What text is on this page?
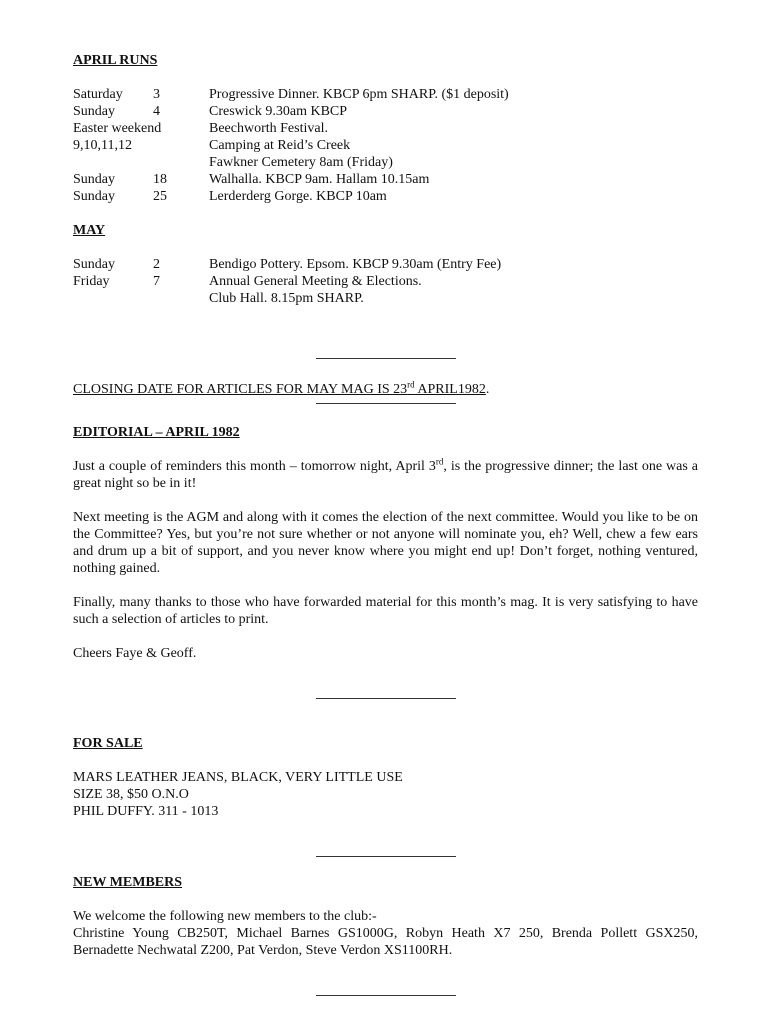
APRIL RUNS
Saturday	3	Progressive Dinner. KBCP 6pm SHARP. ($1 deposit)
Sunday	4	Creswick 9.30am KBCP
Easter weekend	Beechworth Festival.
9,10,11,12	Camping at Reid’s Creek
Fawkner Cemetery 8am (Friday)
Sunday	18	Walhalla. KBCP 9am. Hallam 10.15am
Sunday	25	Lerderderg Gorge. KBCP 10am
MAY
Sunday	2	Bendigo Pottery. Epsom. KBCP 9.30am (Entry Fee)
Friday	7	Annual General Meeting & Elections.
Club Hall. 8.15pm SHARP.
CLOSING DATE FOR ARTICLES FOR MAY MAG IS 23rd APRIL1982.
EDITORIAL – APRIL 1982

Just a couple of reminders this month – tomorrow night, April 3rd, is the progressive dinner; the last one was a great night so be in it!

Next meeting is the AGM and along with it comes the election of the next committee. Would you like to be on the Committee? Yes, but you’re not sure whether or not anyone will nominate you, eh? Well, chew a few ears and drum up a bit of support, and you never know where you might end up! Don’t forget, nothing ventured, nothing gained.

Finally, many thanks to those who have forwarded material for this month’s mag. It is very satisfying to have such a selection of articles to print.

Cheers Faye & Geoff.

FOR SALE
MARS LEATHER JEANS, BLACK, VERY LITTLE USE
SIZE 38, $50 O.N.O
PHIL DUFFY. 311 - 1013
NEW MEMBERS

We welcome the following new members to the club:-

Christine Young CB250T, Michael Barnes GS1000G, Robyn Heath X7 250, Brenda Pollett GSX250, Bernadette Nechwatal Z200, Pat Verdon, Steve Verdon XS1100RH.
